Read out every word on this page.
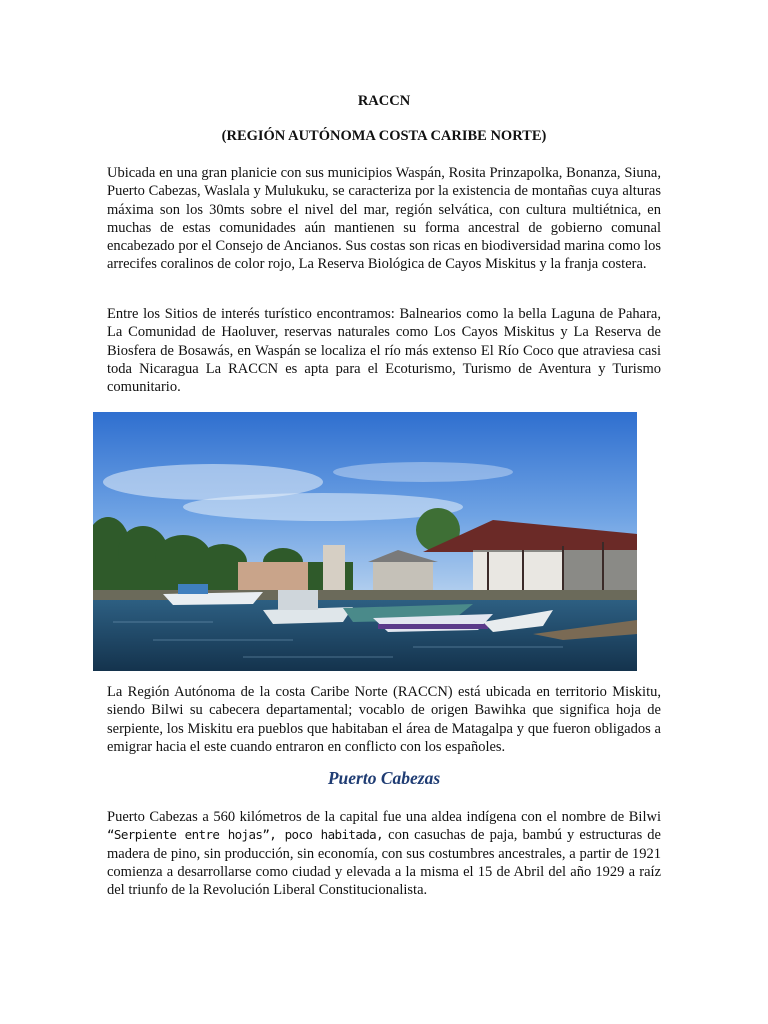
RACCN
(REGIÓN AUTÓNOMA COSTA CARIBE NORTE)

Ubicada en una gran planicie con sus municipios Waspán, Rosita Prinzapolka, Bonanza, Siuna, Puerto Cabezas, Waslala y Mulukuku, se caracteriza por la existencia de montañas cuya alturas máxima son los 30mts sobre el nivel del mar, región selvática, con cultura multiétnica, en muchas de estas comunidades aún mantienen su forma ancestral de gobierno comunal encabezado por el Consejo de Ancianos. Sus costas son ricas en biodiversidad marina como los arrecifes coralinos de color rojo, La Reserva Biológica de Cayos Miskitus y la franja costera.

Entre los Sitios de interés turístico encontramos: Balnearios como la bella Laguna de Pahara, La Comunidad de Haoluver, reservas naturales como Los Cayos Miskitus y La Reserva de Biosfera de Bosawás, en Waspán se localiza el río más extenso El Río Coco que atraviesa casi toda Nicaragua La RACCN es apta para el Ecoturismo, Turismo de Aventura y Turismo comunitario.

La Región Autónoma de la costa Caribe Norte (RACCN) está ubicada en territorio Miskitu, siendo Bilwi su cabecera departamental; vocablo de origen Bawihka que significa hoja de serpiente, los Miskitu era pueblos que habitaban el área de Matagalpa y que fueron obligados a emigrar hacia el este cuando entraron en conflicto con los españoles.

Puerto Cabezas

Puerto Cabezas a 560 kilómetros de la capital fue una aldea indígena con el nombre de Bilwi “Serpiente entre hojas”, poco habitada, con casuchas de paja, bambú y estructuras de madera de pino, sin producción, sin economía, con sus costumbres ancestrales, a partir de 1921 comienza a desarrollarse como ciudad y elevada a la misma el 15 de Abril del año 1929 a raíz del triunfo de la Revolución Liberal Constitucionalista.
